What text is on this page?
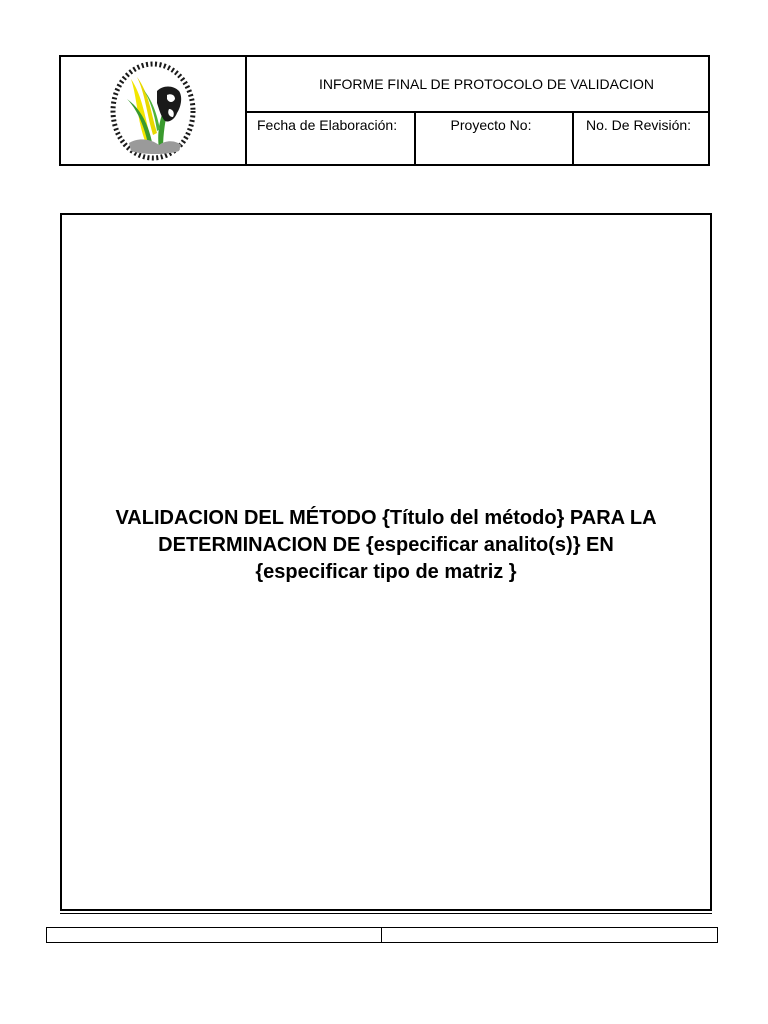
INFORME FINAL DE PROTOCOLO DE VALIDACION
Fecha de Elaboración:	Proyecto No:	No. De Revisión:

VALIDACION DEL MÉTODO {Título del método} PARA LA
DETERMINACION DE {especificar analito(s)} EN
{especificar tipo de matriz }
